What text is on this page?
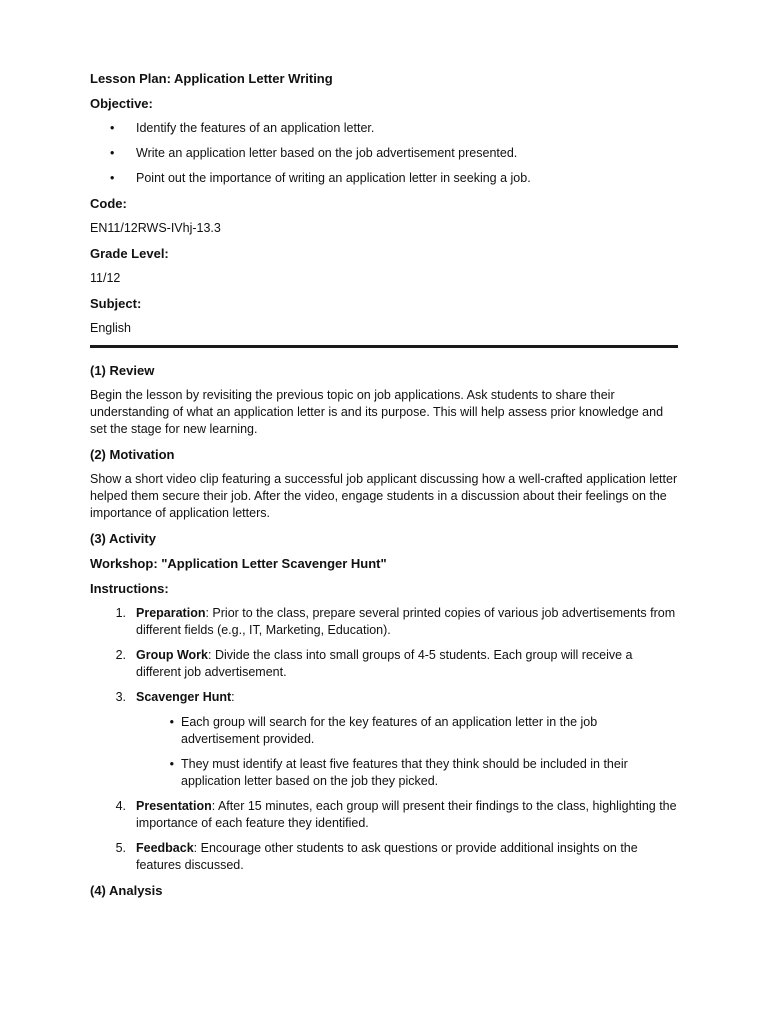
Lesson Plan: Application Letter Writing

Objective:

• Identify the features of an application letter.
• Write an application letter based on the job advertisement presented.
• Point out the importance of writing an application letter in seeking a job.

Code:

EN11/12RWS-IVhj-13.3

Grade Level:

11/12

Subject:

English

(1) Review

Begin the lesson by revisiting the previous topic on job applications. Ask students to share their understanding of what an application letter is and its purpose. This will help assess prior knowledge and set the stage for new learning.

(2) Motivation

Show a short video clip featuring a successful job applicant discussing how a well-crafted application letter helped them secure their job. After the video, engage students in a discussion about their feelings on the importance of application letters.

(3) Activity

Workshop: "Application Letter Scavenger Hunt"

Instructions:

1. Preparation: Prior to the class, prepare several printed copies of various job advertisements from different fields (e.g., IT, Marketing, Education).
2. Group Work: Divide the class into small groups of 4-5 students. Each group will receive a different job advertisement.
3. Scavenger Hunt:
• Each group will search for the key features of an application letter in the job advertisement provided.
• They must identify at least five features that they think should be included in their application letter based on the job they picked.
4. Presentation: After 15 minutes, each group will present their findings to the class, highlighting the importance of each feature they identified.
5. Feedback: Encourage other students to ask questions or provide additional insights on the features discussed.

(4) Analysis
